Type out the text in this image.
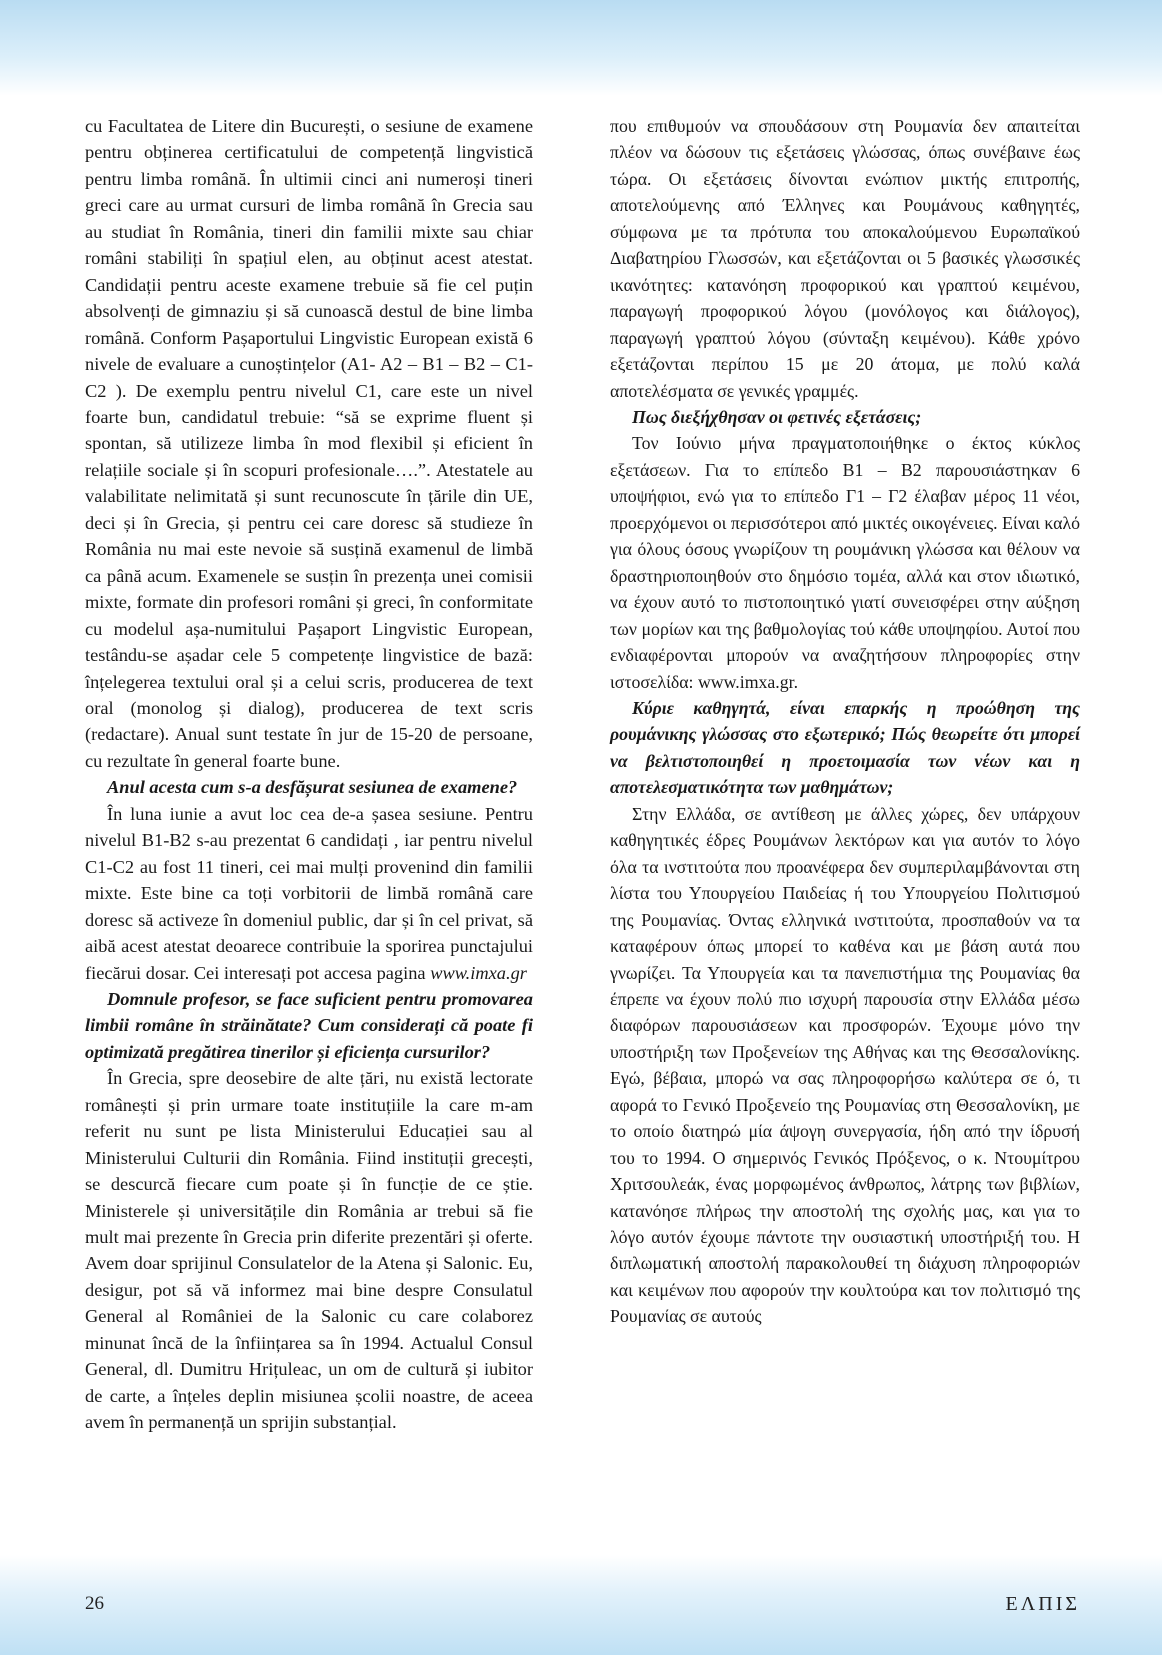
cu Facultatea de Litere din București, o sesiune de examene pentru obținerea certificatului de competență lingvistică pentru limba română. În ultimii cinci ani numeroși tineri greci care au urmat cursuri de limba română în Grecia sau au studiat în România, tineri din familii mixte sau chiar români stabiliți în spațiul elen, au obținut acest atestat. Candidații pentru aceste examene trebuie să fie cel puțin absolvenți de gimnaziu și să cunoască destul de bine limba română. Conform Pașaportului Lingvistic European există 6 nivele de evaluare a cunoștințelor (A1- A2 – B1 – B2 – C1-C2 ). De exemplu pentru nivelul C1, care este un nivel foarte bun, candidatul trebuie: “să se exprime fluent și spontan, să utilizeze limba în mod flexibil și eficient în relațiile sociale și în scopuri profesionale….”. Atestatele au valabilitate nelimitată și sunt recunoscute în țările din UE, deci și în Grecia, și pentru cei care doresc să studieze în România nu mai este nevoie să susțină examenul de limbă ca până acum. Examenele se susțin în prezența unei comisii mixte, formate din profesori români și greci, în conformitate cu modelul așa-numitului Pașaport Lingvistic European, testându-se așadar cele 5 competențe lingvistice de bază: înțelegerea textului oral și a celui scris, producerea de text oral (monolog și dialog), producerea de text scris (redactare). Anual sunt testate în jur de 15-20 de persoane, cu rezultate în general foarte bune.

Anul acesta cum s-a desfășurat sesiunea de examene?

În luna iunie a avut loc cea de-a șasea sesiune. Pentru nivelul B1-B2 s-au prezentat 6 candidați , iar pentru nivelul C1-C2 au fost 11 tineri, cei mai mulți provenind din familii mixte. Este bine ca toți vorbitorii de limbă română care doresc să activeze în domeniul public, dar și în cel privat, să aibă acest atestat deoarece contribuie la sporirea punctajului fiecărui dosar. Cei interesați pot accesa pagina www.imxa.gr

Domnule profesor, se face suficient pentru promovarea limbii române în străinătate? Cum considerați că poate fi optimizată pregătirea tinerilor și eficiența cursurilor?

În Grecia, spre deosebire de alte țări, nu există lectorate românești și prin urmare toate instituțiile la care m-am referit nu sunt pe lista Ministerului Educației sau al Ministerului Culturii din România. Fiind instituții grecești, se descurcă fiecare cum poate și în funcție de ce știe. Ministerele și universitățile din România ar trebui să fie mult mai prezente în Grecia prin diferite prezentări și oferte. Avem doar sprijinul Consulatelor de la Atena și Salonic. Eu, desigur, pot să vă informez mai bine despre Consulatul General al României de la Salonic cu care colaborez minunat încă de la înființarea sa în 1994. Actualul Consul General, dl. Dumitru Hrițuleac, un om de cultură și iubitor de carte, a înțeles deplin misiunea școlii noastre, de aceea avem în permanență un sprijin substanțial.

που επιθυμούν να σπουδάσουν στη Ρουμανία δεν απαιτείται πλέον να δώσουν τις εξετάσεις γλώσσας, όπως συνέβαινε έως τώρα. Οι εξετάσεις δίνονται ενώπιον μικτής επιτροπής, αποτελούμενης από Έλληνες και Ρουμάνους καθηγητές, σύμφωνα με τα πρότυπα του αποκαλούμενου Ευρωπαϊκού Διαβατηρίου Γλωσσών, και εξετάζονται οι 5 βασικές γλωσσικές ικανότητες: κατανόηση προφορικού και γραπτού κειμένου, παραγωγή προφορικού λόγου (μονόλογος και διάλογος), παραγωγή γραπτού λόγου (σύνταξη κειμένου). Κάθε χρόνο εξετάζονται περίπου 15 με 20 άτομα, με πολύ καλά αποτελέσματα σε γενικές γραμμές.

Πως διεξήχθησαν οι φετινές εξετάσεις;

Τον Ιούνιο μήνα πραγματοποιήθηκε ο έκτος κύκλος εξετάσεων. Για το επίπεδο Β1 – Β2 παρουσιάστηκαν 6 υποψήφιοι, ενώ για το επίπεδο Γ1 – Γ2 έλαβαν μέρος 11 νέοι, προερχόμενοι οι περισσότεροι από μικτές οικογένειες. Είναι καλό για όλους όσους γνωρίζουν τη ρουμάνικη γλώσσα και θέλουν να δραστηριοποιηθούν στο δημόσιο τομέα, αλλά και στον ιδιωτικό, να έχουν αυτό το πιστοποιητικό γιατί συνεισφέρει στην αύξηση των μορίων και της βαθμολογίας τού κάθε υποψηφίου. Αυτοί που ενδιαφέρονται μπορούν να αναζητήσουν πληροφορίες στην ιστοσελίδα: www.imxa.gr.

Κύριε καθηγητά, είναι επαρκής η προώθηση της ρουμάνικης γλώσσας στο εξωτερικό; Πώς θεωρείτε ότι μπορεί να βελτιστοποιηθεί η προετοιμασία των νέων και η αποτελεσματικότητα των μαθημάτων;

Στην Ελλάδα, σε αντίθεση με άλλες χώρες, δεν υπάρχουν καθηγητικές έδρες Ρουμάνων λεκτόρων και για αυτόν το λόγο όλα τα ινστιτούτα που προανέφερα δεν συμπεριλαμβάνονται στη λίστα του Υπουργείου Παιδείας ή του Υπουργείου Πολιτισμού της Ρουμανίας. Όντας ελληνικά ινστιτούτα, προσπαθούν να τα καταφέρουν όπως μπορεί το καθένα και με βάση αυτά που γνωρίζει. Τα Υπουργεία και τα πανεπιστήμια της Ρουμανίας θα έπρεπε να έχουν πολύ πιο ισχυρή παρουσία στην Ελλάδα μέσω διαφόρων παρουσιάσεων και προσφορών. Έχουμε μόνο την υποστήριξη των Προξενείων της Αθήνας και της Θεσσαλονίκης. Εγώ, βέβαια, μπορώ να σας πληροφορήσω καλύτερα σε ό, τι αφορά το Γενικό Προξενείο της Ρουμανίας στη Θεσσαλονίκη, με το οποίο διατηρώ μία άψογη συνεργασία, ήδη από την ίδρυσή του το 1994. Ο σημερινός Γενικός Πρόξενος, ο κ. Ντουμίτρου Χριτσουλεάκ, ένας μορφωμένος άνθρωπος, λάτρης των βιβλίων, κατανόησε πλήρως την αποστολή της σχολής μας, και για το λόγο αυτόν έχουμε πάντοτε την ουσιαστική υποστήριξή του. Η διπλωματική αποστολή παρακολουθεί τη διάχυση πληροφοριών και κειμένων που αφορούν την κουλτούρα και τον πολιτισμό της Ρουμανίας σε αυτούς

26	ΕΛΠΙΣ
